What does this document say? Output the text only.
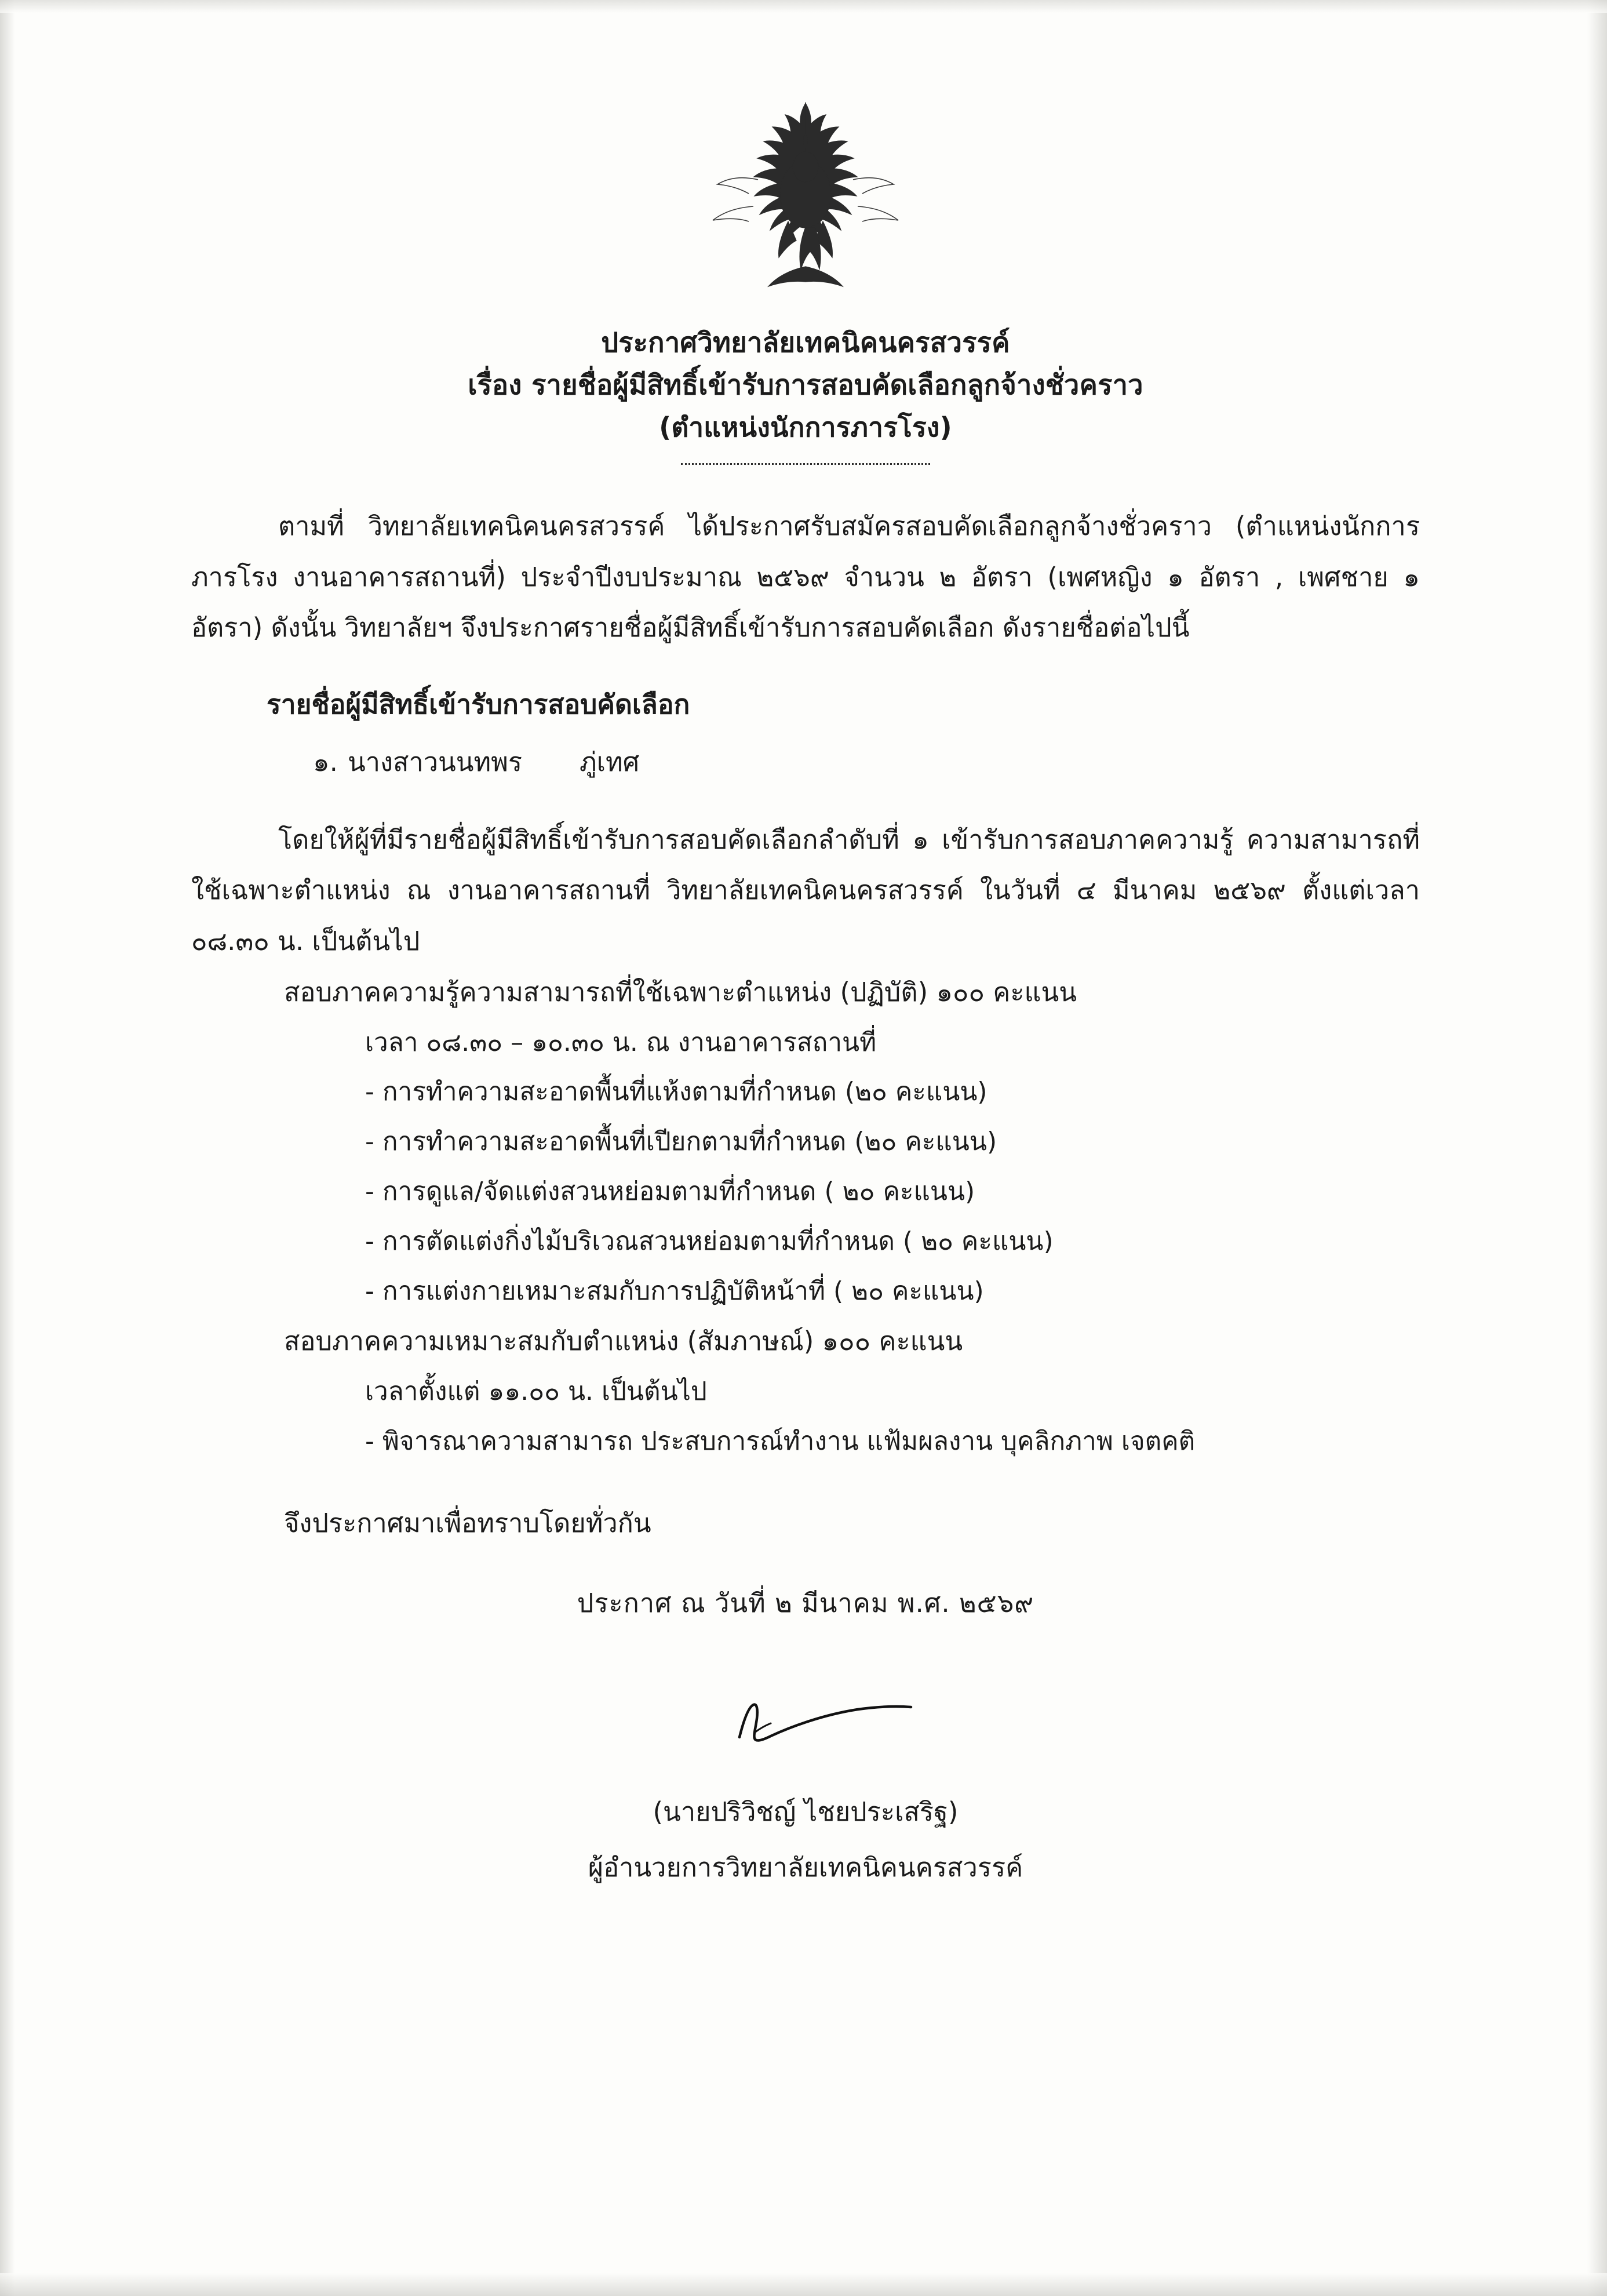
ประกาศวิทยาลัยเทคนิคนครสวรรค์
เรื่อง รายชื่อผู้มีสิทธิ์เข้ารับการสอบคัดเลือกลูกจ้างชั่วคราว
(ตำแหน่งนักการภารโรง)
ตามที่ วิทยาลัยเทคนิคนครสวรรค์ ได้ประกาศรับสมัครสอบคัดเลือกลูกจ้างชั่วคราว (ตำแหน่งนักการภารโรง งานอาคารสถานที่) ประจำปีงบประมาณ ๒๕๖๙ จำนวน ๒ อัตรา (เพศหญิง ๑ อัตรา , เพศชาย ๑ อัตรา) ดังนั้น วิทยาลัยฯ จึงประกาศรายชื่อผู้มีสิทธิ์เข้ารับการสอบคัดเลือก ดังรายชื่อต่อไปนี้
รายชื่อผู้มีสิทธิ์เข้ารับการสอบคัดเลือก
๑. นางสาวนนทพร	ภู่เทศ
โดยให้ผู้ที่มีรายชื่อผู้มีสิทธิ์เข้ารับการสอบคัดเลือกลำดับที่ ๑ เข้ารับการสอบภาคความรู้ ความสามารถที่ใช้เฉพาะตำแหน่ง ณ งานอาคารสถานที่ วิทยาลัยเทคนิคนครสวรรค์ ในวันที่ ๔ มีนาคม ๒๕๖๙ ตั้งแต่เวลา ๐๘.๓๐ น. เป็นต้นไป
สอบภาคความรู้ความสามารถที่ใช้เฉพาะตำแหน่ง (ปฏิบัติ) ๑๐๐ คะแนน
เวลา ๐๘.๓๐ – ๑๐.๓๐ น. ณ งานอาคารสถานที่
- การทำความสะอาดพื้นที่แห้งตามที่กำหนด (๒๐ คะแนน)
- การทำความสะอาดพื้นที่เปียกตามที่กำหนด (๒๐ คะแนน)
- การดูแล/จัดแต่งสวนหย่อมตามที่กำหนด ( ๒๐ คะแนน)
- การตัดแต่งกิ่งไม้บริเวณสวนหย่อมตามที่กำหนด ( ๒๐ คะแนน)
- การแต่งกายเหมาะสมกับการปฏิบัติหน้าที่ ( ๒๐ คะแนน)
สอบภาคความเหมาะสมกับตำแหน่ง (สัมภาษณ์) ๑๐๐ คะแนน
เวลาตั้งแต่ ๑๑.๐๐ น. เป็นต้นไป
- พิจารณาความสามารถ ประสบการณ์ทำงาน แฟ้มผลงาน บุคลิกภาพ เจตคติ
จึงประกาศมาเพื่อทราบโดยทั่วกัน
ประกาศ ณ วันที่ ๒ มีนาคม พ.ศ. ๒๕๖๙
(นายปริวิชญ์ ไชยประเสริฐ)
ผู้อำนวยการวิทยาลัยเทคนิคนครสวรรค์
